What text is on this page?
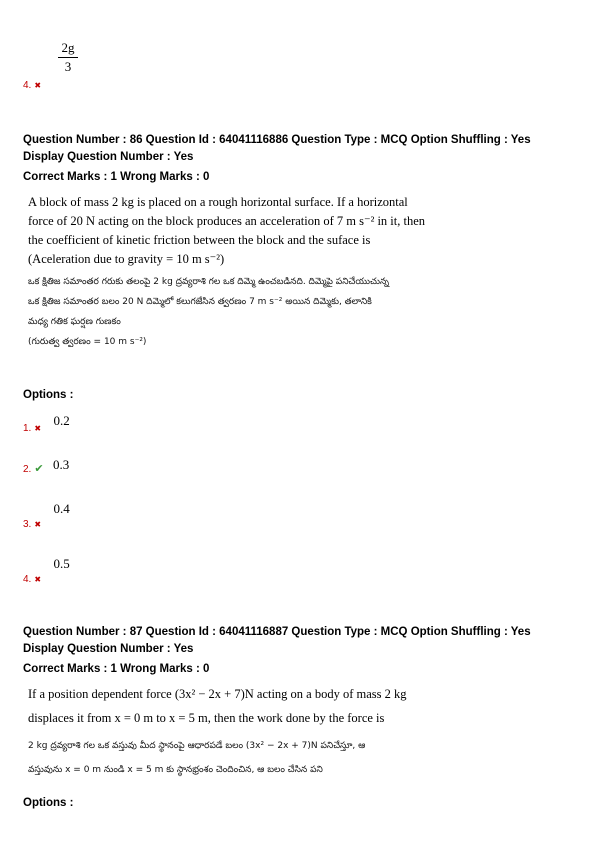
2g
3
4. ✖
Question Number : 86 Question Id : 64041116886 Question Type : MCQ Option Shuffling : Yes
Display Question Number : Yes
Correct Marks : 1 Wrong Marks : 0
A block of mass 2 kg is placed on a rough horizontal surface. If a horizontal
force of 20 N acting on the block produces an acceleration of 7 m s⁻² in it, then
the coefficient of kinetic friction between the block and the suface is
(Aceleration due to gravity = 10 m s⁻²)
ఒక క్షితిజ సమాంతర గరుకు తలంపై 2 kg ద్రవ్యరాశి గల ఒక దిమ్మె ఉంచబడినది. దిమ్మెపై పనిచేయుచున్న
ఒక క్షితిజ సమాంతర బలం 20 N దిమ్మెలో కలుగజేసిన త్వరణం 7 m s⁻² అయిన దిమ్మెకు, తలానికి
మధ్య గతిక ఘర్షణ గుణకం
(గురుత్వ త్వరణం = 10 m s⁻²)
Options :
$_{1.}$ $_✖$ 0.2
2. ✔ 0.3
$_{3.}$ $_✖$ 0.4
$_{4.}$ $_✖$ 0.5
Question Number : 87 Question Id : 64041116887 Question Type : MCQ Option Shuffling : Yes
Display Question Number : Yes
Correct Marks : 1 Wrong Marks : 0
If a position dependent force (3x² − 2x + 7)N acting on a body of mass 2 kg
displaces it from x = 0 m to x = 5 m, then the work done by the force is
2 kg ద్రవ్యరాశి గల ఒక వస్తువు మీద స్థానంపై ఆధారపడే బలం (3x² − 2x + 7)N పనిచేస్తూ, ఆ
వస్తువును x = 0 m నుండి x = 5 m కు స్థానభ్రంశం చెందించిన, ఆ బలం చేసిన పని
Options :
